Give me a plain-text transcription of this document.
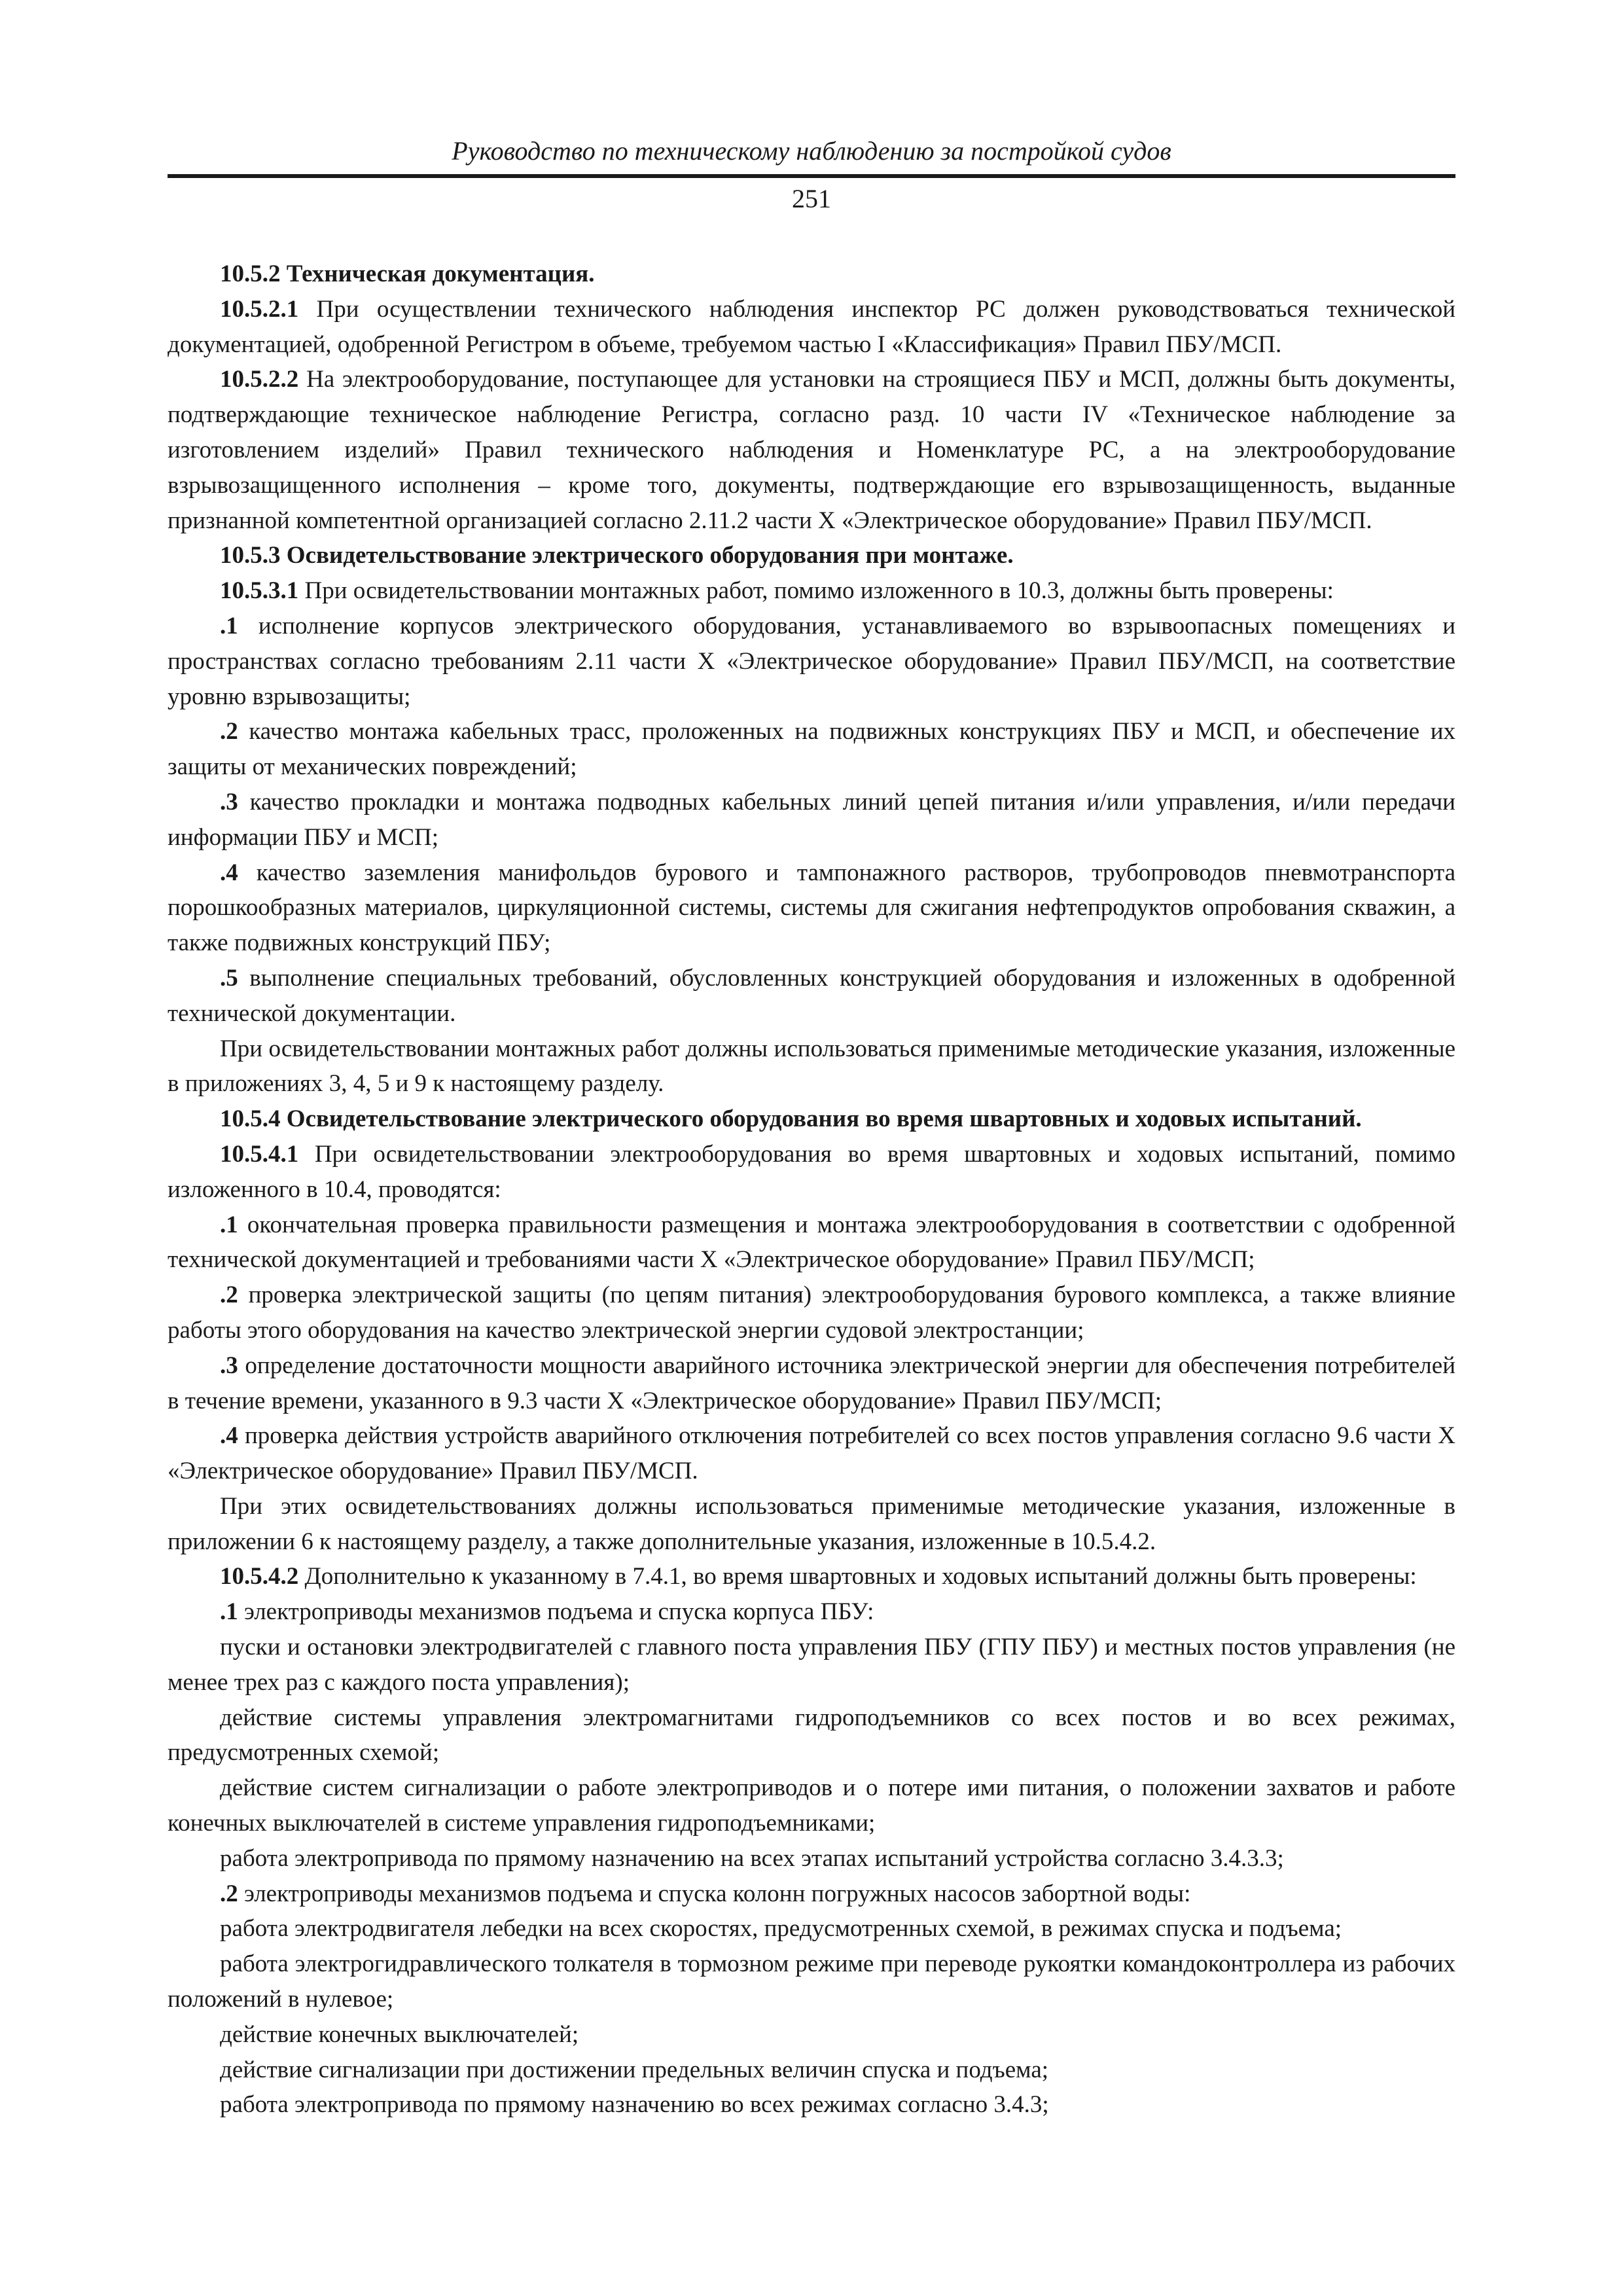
Руководство по техническому наблюдению за постройкой судов
251

10.5.2 Техническая документация.

10.5.2.1 При осуществлении технического наблюдения инспектор РС должен руководствоваться технической документацией, одобренной Регистром в объеме, требуемом частью I «Классификация» Правил ПБУ/МСП.

10.5.2.2 На электрооборудование, поступающее для установки на строящиеся ПБУ и МСП, должны быть документы, подтверждающие техническое наблюдение Регистра, согласно разд. 10 части IV «Техническое наблюдение за изготовлением изделий» Правил технического наблюдения и Номенклатуре РС, а на электрооборудование взрывозащищенного исполнения – кроме того, документы, подтверждающие его взрывозащищенность, выданные признанной компетентной организацией согласно 2.11.2 части X «Электрическое оборудование» Правил ПБУ/МСП.

10.5.3 Освидетельствование электрического оборудования при монтаже.

10.5.3.1 При освидетельствовании монтажных работ, помимо изложенного в 10.3, должны быть проверены:

.1 исполнение корпусов электрического оборудования, устанавливаемого во взрывоопасных помещениях и пространствах согласно требованиям 2.11 части X «Электрическое оборудование» Правил ПБУ/МСП, на соответствие уровню взрывозащиты;

.2 качество монтажа кабельных трасс, проложенных на подвижных конструкциях ПБУ и МСП, и обеспечение их защиты от механических повреждений;

.3 качество прокладки и монтажа подводных кабельных линий цепей питания и/или управления, и/или передачи информации ПБУ и МСП;

.4 качество заземления манифольдов бурового и тампонажного растворов, трубопроводов пневмотранспорта порошкообразных материалов, циркуляционной системы, системы для сжигания нефтепродуктов опробования скважин, а также подвижных конструкций ПБУ;

.5 выполнение специальных требований, обусловленных конструкцией оборудования и изложенных в одобренной технической документации.

При освидетельствовании монтажных работ должны использоваться применимые методические указания, изложенные в приложениях 3, 4, 5 и 9 к настоящему разделу.

10.5.4 Освидетельствование электрического оборудования во время швартовных и ходовых испытаний.

10.5.4.1 При освидетельствовании электрооборудования во время швартовных и ходовых испытаний, помимо изложенного в 10.4, проводятся:

.1 окончательная проверка правильности размещения и монтажа электрооборудования в соответствии с одобренной технической документацией и требованиями части X «Электрическое оборудование» Правил ПБУ/МСП;

.2 проверка электрической защиты (по цепям питания) электрооборудования бурового комплекса, а также влияние работы этого оборудования на качество электрической энергии судовой электростанции;

.3 определение достаточности мощности аварийного источника электрической энергии для обеспечения потребителей в течение времени, указанного в 9.3 части X «Электрическое оборудование» Правил ПБУ/МСП;

.4 проверка действия устройств аварийного отключения потребителей со всех постов управления согласно 9.6 части X «Электрическое оборудование» Правил ПБУ/МСП.

При этих освидетельствованиях должны использоваться применимые методические указания, изложенные в приложении 6 к настоящему разделу, а также дополнительные указания, изложенные в 10.5.4.2.

10.5.4.2 Дополнительно к указанному в 7.4.1, во время швартовных и ходовых испытаний должны быть проверены:

.1 электроприводы механизмов подъема и спуска корпуса ПБУ:

пуски и остановки электродвигателей с главного поста управления ПБУ (ГПУ ПБУ) и местных постов управления (не менее трех раз с каждого поста управления);

действие системы управления электромагнитами гидроподъемников со всех постов и во всех режимах, предусмотренных схемой;

действие систем сигнализации о работе электроприводов и о потере ими питания, о положении захватов и работе конечных выключателей в системе управления гидроподъемниками;

работа электропривода по прямому назначению на всех этапах испытаний устройства согласно 3.4.3.3;

.2 электроприводы механизмов подъема и спуска колонн погружных насосов забортной воды:

работа электродвигателя лебедки на всех скоростях, предусмотренных схемой, в режимах спуска и подъема;

работа электрогидравлического толкателя в тормозном режиме при переводе рукоятки командоконтроллера из рабочих положений в нулевое;

действие конечных выключателей;

действие сигнализации при достижении предельных величин спуска и подъема;

работа электропривода по прямому назначению во всех режимах согласно 3.4.3;
